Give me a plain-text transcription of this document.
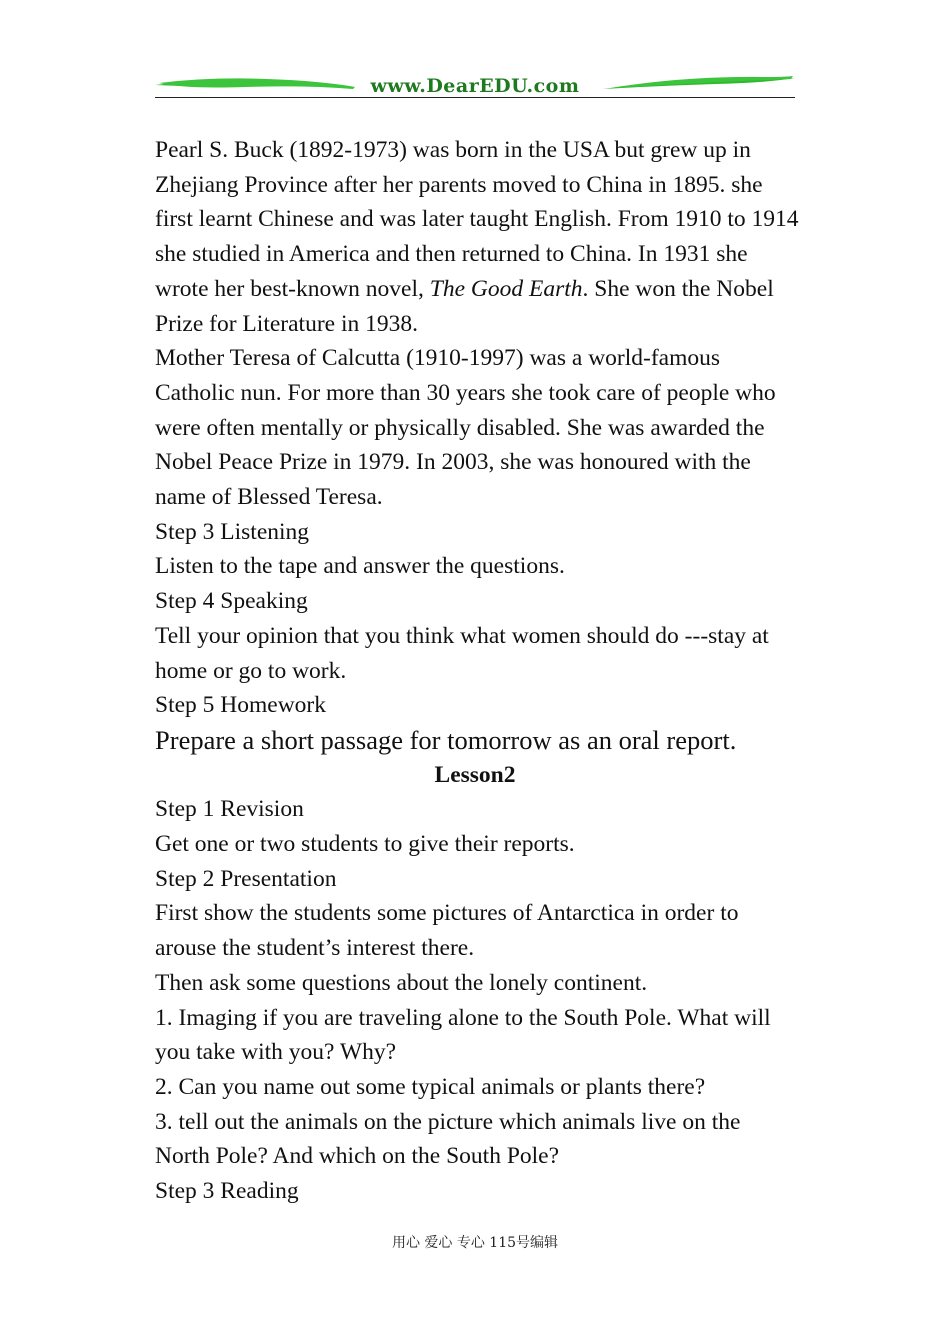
www.DearEDU.com

Pearl S. Buck (1892-1973) was born in the USA but grew up in Zhejiang Province after her parents moved to China in 1895. she first learnt Chinese and was later taught English. From 1910 to 1914 she studied in America and then returned to China. In 1931 she wrote her best-known novel, The Good Earth. She won the Nobel Prize for Literature in 1938.

Mother Teresa of Calcutta (1910-1997) was a world-famous Catholic nun. For more than 30 years she took care of people who were often mentally or physically disabled. She was awarded the Nobel Peace Prize in 1979. In 2003, she was honoured with the name of Blessed Teresa.

Step 3 Listening

Listen to the tape and answer the questions.

Step 4 Speaking

Tell your opinion that you think what women should do ---stay at home or go to work.

Step 5 Homework

Prepare a short passage for tomorrow as an oral report.

Lesson2

Step 1 Revision

Get one or two students to give their reports.

Step 2 Presentation

First show the students some pictures of Antarctica in order to arouse the student’s interest there.

Then ask some questions about the lonely continent.

1. Imaging if you are traveling alone to the South Pole. What will you take with you? Why?

2. Can you name out some typical animals or plants there?

3. tell out the animals on the picture which animals live on the North Pole? And which on the South Pole?

Step 3 Reading

用心 爱心 专心 115号编辑
